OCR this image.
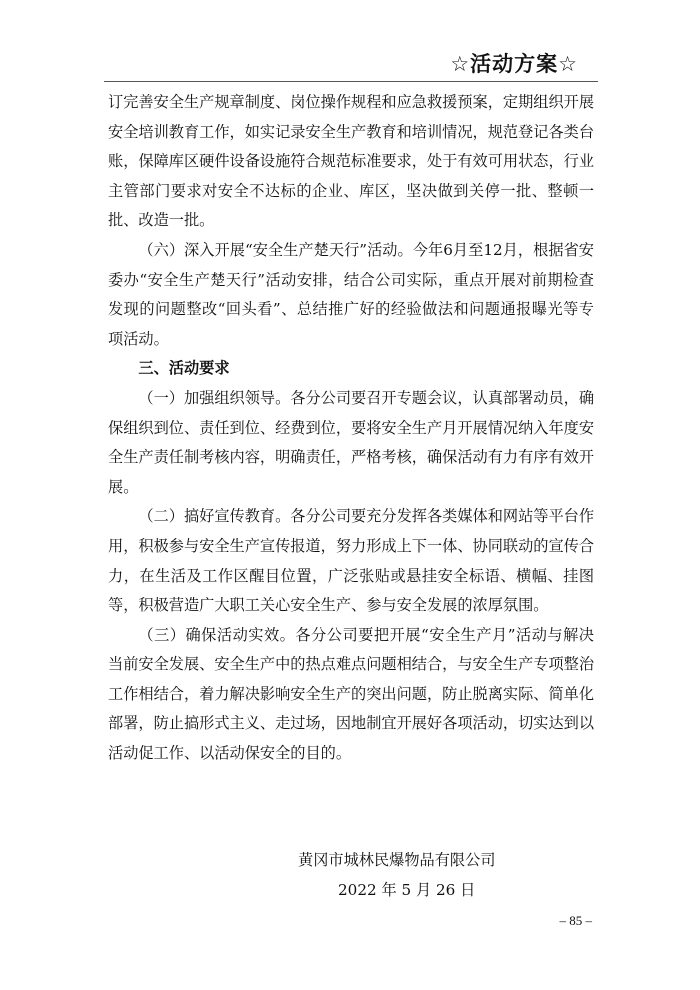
☆活动方案☆

订完善安全生产规章制度、岗位操作规程和应急救援预案，定期组织开展安全培训教育工作，如实记录安全生产教育和培训情况，规范登记各类台账，保障库区硬件设备设施符合规范标准要求，处于有效可用状态，行业主管部门要求对安全不达标的企业、库区，坚决做到关停一批、整顿一批、改造一批。

（六）深入开展“安全生产楚天行”活动。今年6月至12月，根据省安委办“安全生产楚天行”活动安排，结合公司实际，重点开展对前期检查发现的问题整改“回头看”、总结推广好的经验做法和问题通报曝光等专项活动。

三、活动要求

（一）加强组织领导。各分公司要召开专题会议，认真部署动员，确保组织到位、责任到位、经费到位，要将安全生产月开展情况纳入年度安全生产责任制考核内容，明确责任，严格考核，确保活动有力有序有效开展。

（二）搞好宣传教育。各分公司要充分发挥各类媒体和网站等平台作用，积极参与安全生产宣传报道，努力形成上下一体、协同联动的宣传合力，在生活及工作区醒目位置，广泛张贴或悬挂安全标语、横幅、挂图等，积极营造广大职工关心安全生产、参与安全发展的浓厚氛围。

（三）确保活动实效。各分公司要把开展“安全生产月”活动与解决当前安全发展、安全生产中的热点难点问题相结合，与安全生产专项整治工作相结合，着力解决影响安全生产的突出问题，防止脱离实际、简单化部署，防止搞形式主义、走过场，因地制宜开展好各项活动，切实达到以活动促工作、以活动保安全的目的。

黄冈市城林民爆物品有限公司
2022 年 5 月 26 日
– 85 –
